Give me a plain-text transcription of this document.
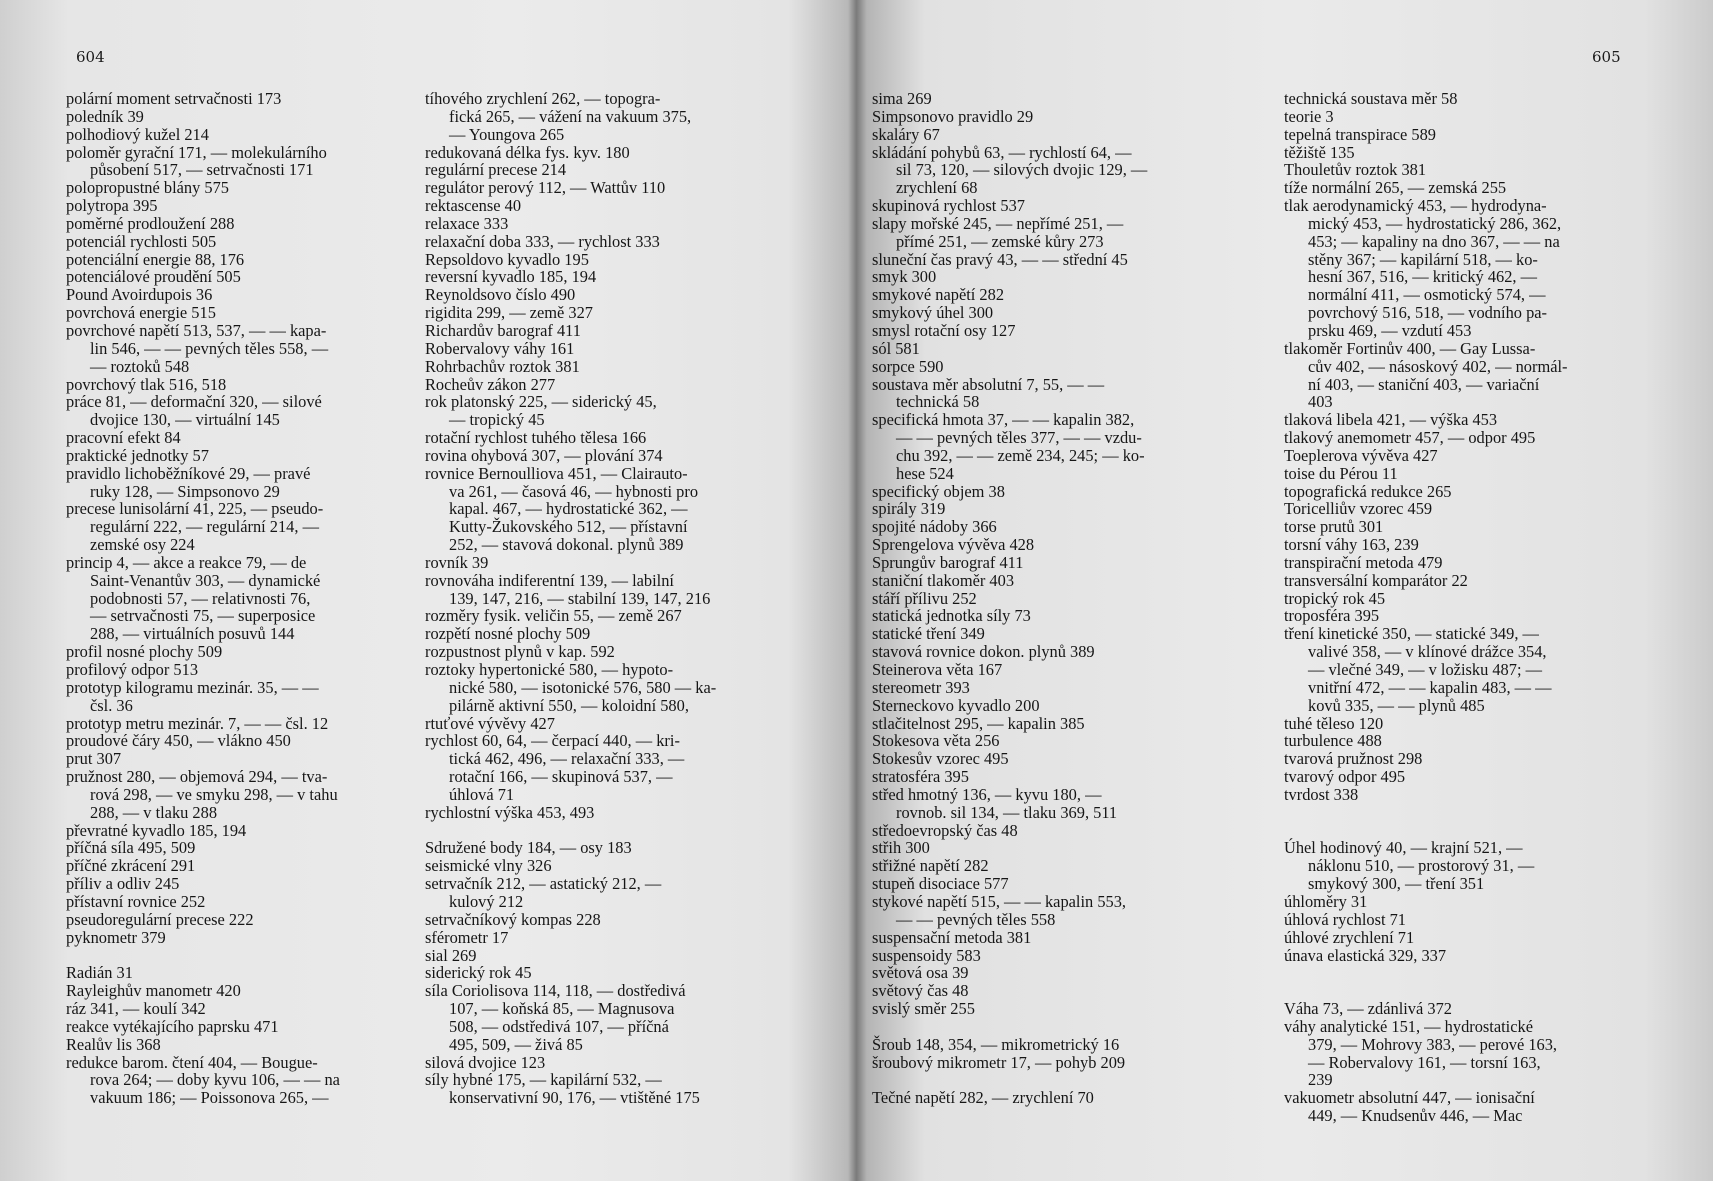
604
polární moment setrvačnosti 173
poledník 39
polhodiový kužel 214
poloměr gyrační 171, — molekulárního
působení 517, — setrvačnosti 171
polopropustné blány 575
polytropa 395
poměrné prodloužení 288
potenciál rychlosti 505
potenciální energie 88, 176
potenciálové proudění 505
Pound Avoirdupois 36
povrchová energie 515
povrchové napětí 513, 537, — — kapa-
lin 546, — — pevných těles 558, —
— roztoků 548
povrchový tlak 516, 518
práce 81, — deformační 320, — silové
dvojice 130, — virtuální 145
pracovní efekt 84
praktické jednotky 57
pravidlo lichoběžníkové 29, — pravé
ruky 128, — Simpsonovo 29
precese lunisolární 41, 225, — pseudo-
regulární 222, — regulární 214, —
zemské osy 224
princip 4, — akce a reakce 79, — de
Saint-Venantův 303, — dynamické
podobnosti 57, — relativnosti 76,
— setrvačnosti 75, — superposice
288, — virtuálních posuvů 144
profil nosné plochy 509
profilový odpor 513
prototyp kilogramu mezinár. 35, — —
čsl. 36
prototyp metru mezinár. 7, — — čsl. 12
proudové čáry 450, — vlákno 450
prut 307
pružnost 280, — objemová 294, — tva-
rová 298, — ve smyku 298, — v tahu
288, — v tlaku 288
převratné kyvadlo 185, 194
příčná síla 495, 509
příčné zkrácení 291
příliv a odliv 245
přístavní rovnice 252
pseudoregulární precese 222
pyknometr 379
Radián 31
Rayleighův manometr 420
ráz 341, — koulí 342
reakce vytékajícího paprsku 471
Realův lis 368
redukce barom. čtení 404, — Bougue-
rova 264; — doby kyvu 106, — — na
vakuum 186; — Poissonova 265, —
tíhového zrychlení 262, — topogra-
fická 265, — vážení na vakuum 375,
— Youngova 265
redukovaná délka fys. kyv. 180
regulární precese 214
regulátor perový 112, — Wattův 110
rektascense 40
relaxace 333
relaxační doba 333, — rychlost 333
Repsoldovo kyvadlo 195
reversní kyvadlo 185, 194
Reynoldsovo číslo 490
rigidita 299, — země 327
Richardův barograf 411
Robervalovy váhy 161
Rohrbachův roztok 381
Rocheův zákon 277
rok platonský 225, — siderický 45,
— tropický 45
rotační rychlost tuhého tělesa 166
rovina ohybová 307, — plování 374
rovnice Bernoulliova 451, — Clairauto-
va 261, — časová 46, — hybnosti pro
kapal. 467, — hydrostatické 362, —
Kutty-Žukovského 512, — přístavní
252, — stavová dokonal. plynů 389
rovník 39
rovnováha indiferentní 139, — labilní
139, 147, 216, — stabilní 139, 147, 216
rozměry fysik. veličin 55, — země 267
rozpětí nosné plochy 509
rozpustnost plynů v kap. 592
roztoky hypertonické 580, — hypoto-
nické 580, — isotonické 576, 580 — ka-
pilárně aktivní 550, — koloidní 580,
rtuťové vývěvy 427
rychlost 60, 64, — čerpací 440, — kri-
tická 462, 496, — relaxační 333, —
rotační 166, — skupinová 537, —
úhlová 71
rychlostní výška 453, 493
Sdružené body 184, — osy 183
seismické vlny 326
setrvačník 212, — astatický 212, —
kulový 212
setrvačníkový kompas 228
sférometr 17
sial 269
siderický rok 45
síla Coriolisova 114, 118, — dostředivá
107, — koňská 85, — Magnusova
508, — odstředivá 107, — příčná
495, 509, — živá 85
silová dvojice 123
síly hybné 175, — kapilární 532, —
konservativní 90, 176, — vtištěné 175
605
sima 269
Simpsonovo pravidlo 29
skaláry 67
skládání pohybů 63, — rychlostí 64, —
sil 73, 120, — silových dvojic 129, —
zrychlení 68
skupinová rychlost 537
slapy mořské 245, — nepřímé 251, —
přímé 251, — zemské kůry 273
sluneční čas pravý 43, — — střední 45
smyk 300
smykové napětí 282
smykový úhel 300
smysl rotační osy 127
sól 581
sorpce 590
soustava měr absolutní 7, 55, — —
technická 58
specifická hmota 37, — — kapalin 382,
— — pevných těles 377, — — vzdu-
chu 392, — — země 234, 245; — ko-
hese 524
specifický objem 38
spirály 319
spojité nádoby 366
Sprengelova vývěva 428
Sprungův barograf 411
staniční tlakoměr 403
stáří přílivu 252
statická jednotka síly 73
statické tření 349
stavová rovnice dokon. plynů 389
Steinerova věta 167
stereometr 393
Sterneckovo kyvadlo 200
stlačitelnost 295, — kapalin 385
Stokesova věta 256
Stokesův vzorec 495
stratosféra 395
střed hmotný 136, — kyvu 180, —
rovnob. sil 134, — tlaku 369, 511
středoevropský čas 48
střih 300
střižné napětí 282
stupeň disociace 577
stykové napětí 515, — — kapalin 553,
— — pevných těles 558
suspensační metoda 381
suspensoidy 583
světová osa 39
světový čas 48
svislý směr 255
Šroub 148, 354, — mikrometrický 16
šroubový mikrometr 17, — pohyb 209
Tečné napětí 282, — zrychlení 70
technická soustava měr 58
teorie 3
tepelná transpirace 589
těžiště 135
Thouletův roztok 381
tíže normální 265, — zemská 255
tlak aerodynamický 453, — hydrodyna-
mický 453, — hydrostatický 286, 362,
453; — kapaliny na dno 367, — — na
stěny 367; — kapilární 518, — ko-
hesní 367, 516, — kritický 462, —
normální 411, — osmotický 574, —
povrchový 516, 518, — vodního pa-
prsku 469, — vzdutí 453
tlakoměr Fortinův 400, — Gay Lussa-
cův 402, — násoskový 402, — normál-
ní 403, — staniční 403, — variační
403
tlaková libela 421, — výška 453
tlakový anemometr 457, — odpor 495
Toeplerova vývěva 427
toise du Pérou 11
topografická redukce 265
Toricelliův vzorec 459
torse prutů 301
torsní váhy 163, 239
transpirační metoda 479
transversální komparátor 22
tropický rok 45
troposféra 395
tření kinetické 350, — statické 349, —
valivé 358, — v klínové drážce 354,
— vlečné 349, — v ložisku 487; —
vnitřní 472, — — kapalin 483, — —
kovů 335, — — plynů 485
tuhé těleso 120
turbulence 488
tvarová pružnost 298
tvarový odpor 495
tvrdost 338
Úhel hodinový 40, — krajní 521, —
náklonu 510, — prostorový 31, —
smykový 300, — tření 351
úhloměry 31
úhlová rychlost 71
úhlové zrychlení 71
únava elastická 329, 337
Váha 73, — zdánlivá 372
váhy analytické 151, — hydrostatické
379, — Mohrovy 383, — perové 163,
— Robervalovy 161, — torsní 163,
239
vakuometr absolutní 447, — ionisační
449, — Knudsenův 446, — Mac
